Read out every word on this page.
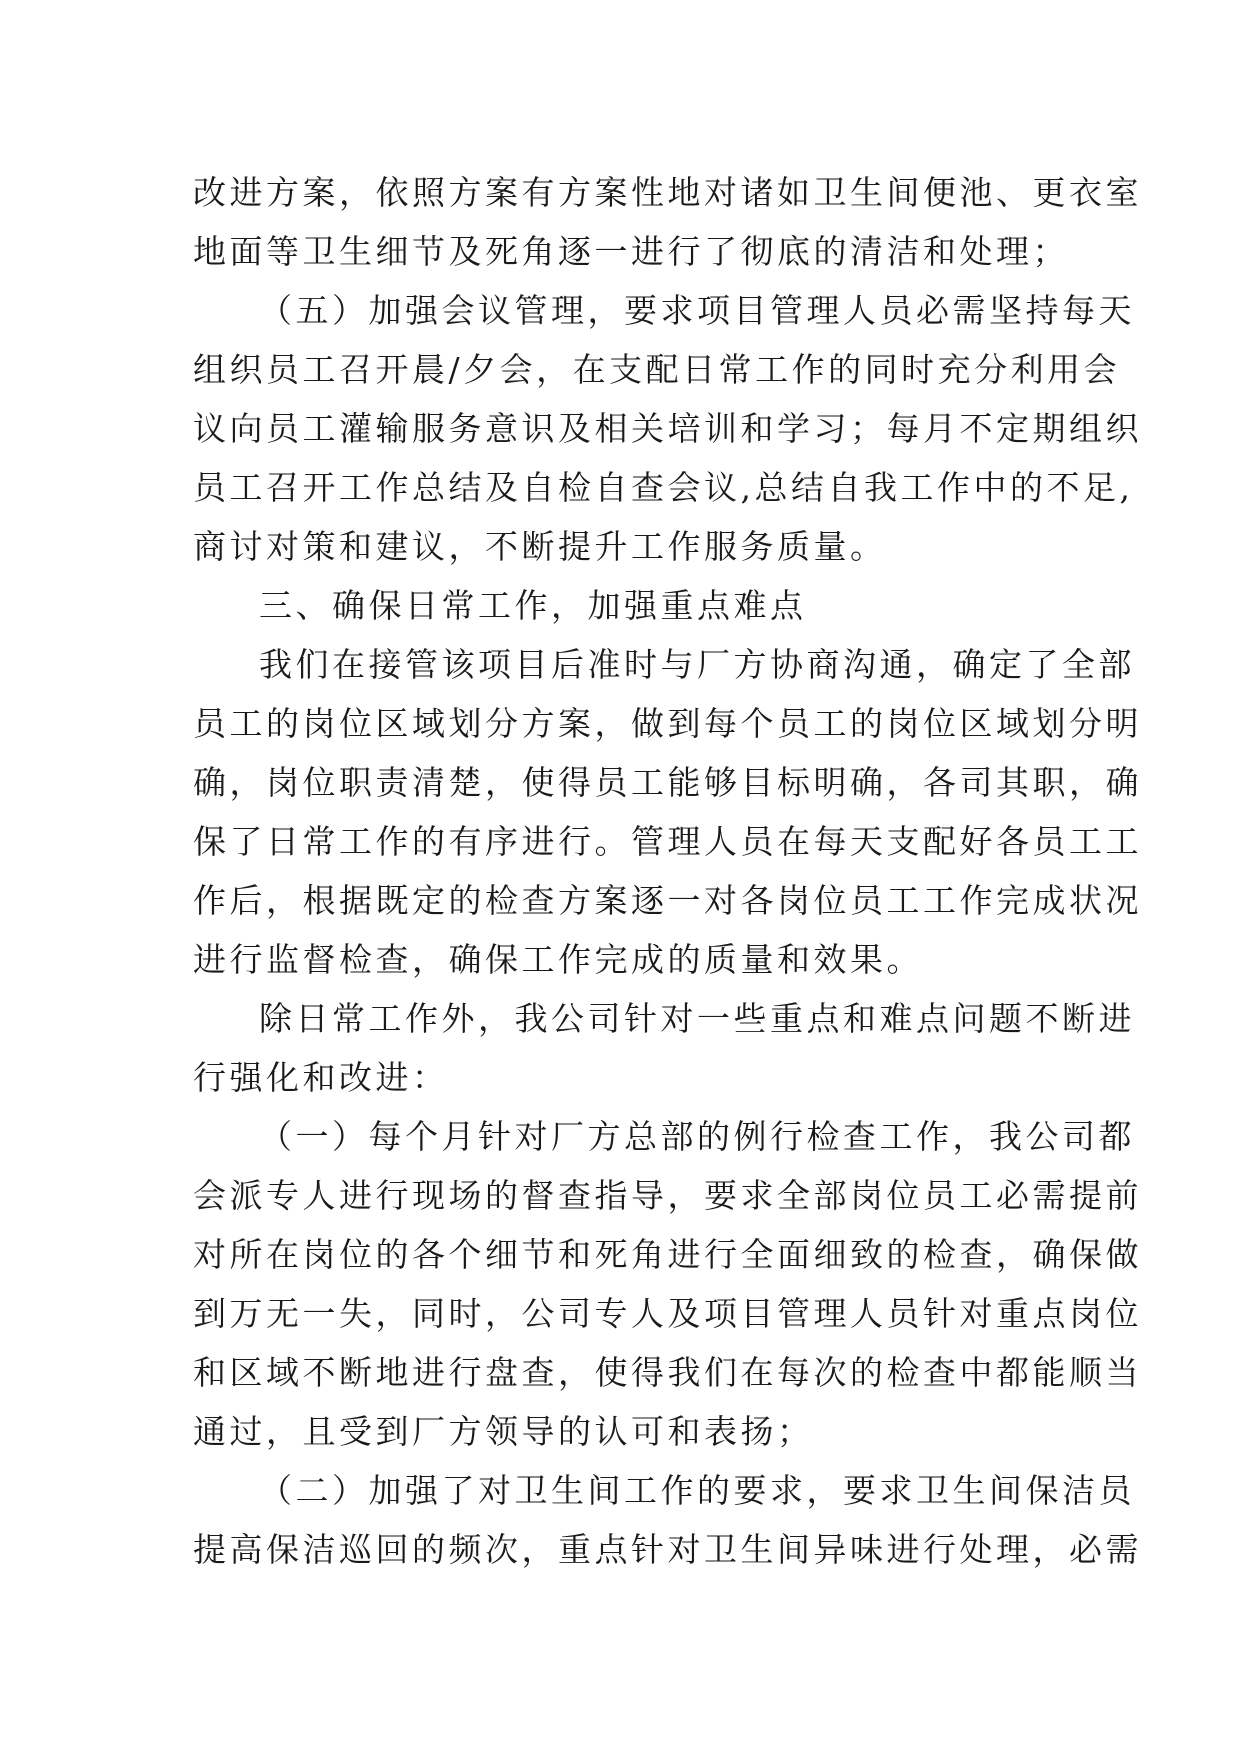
改进方案，依照方案有方案性地对诸如卫生间便池、更衣室
地面等卫生细节及死角逐一进行了彻底的清洁和处理；
（五）加强会议管理，要求项目管理人员必需坚持每天
组织员工召开晨/夕会，在支配日常工作的同时充分利用会
议向员工灌输服务意识及相关培训和学习；每月不定期组织
员工召开工作总结及自检自查会议,总结自我工作中的不足,
商讨对策和建议，不断提升工作服务质量。
三、确保日常工作，加强重点难点
我们在接管该项目后准时与厂方协商沟通，确定了全部
员工的岗位区域划分方案，做到每个员工的岗位区域划分明
确，岗位职责清楚，使得员工能够目标明确，各司其职，确
保了日常工作的有序进行。管理人员在每天支配好各员工工
作后，根据既定的检查方案逐一对各岗位员工工作完成状况
进行监督检查，确保工作完成的质量和效果。
除日常工作外，我公司针对一些重点和难点问题不断进
行强化和改进：
（一）每个月针对厂方总部的例行检查工作，我公司都
会派专人进行现场的督查指导，要求全部岗位员工必需提前
对所在岗位的各个细节和死角进行全面细致的检查，确保做
到万无一失，同时，公司专人及项目管理人员针对重点岗位
和区域不断地进行盘查，使得我们在每次的检查中都能顺当
通过，且受到厂方领导的认可和表扬；
（二）加强了对卫生间工作的要求，要求卫生间保洁员
提高保洁巡回的频次，重点针对卫生间异味进行处理，必需
